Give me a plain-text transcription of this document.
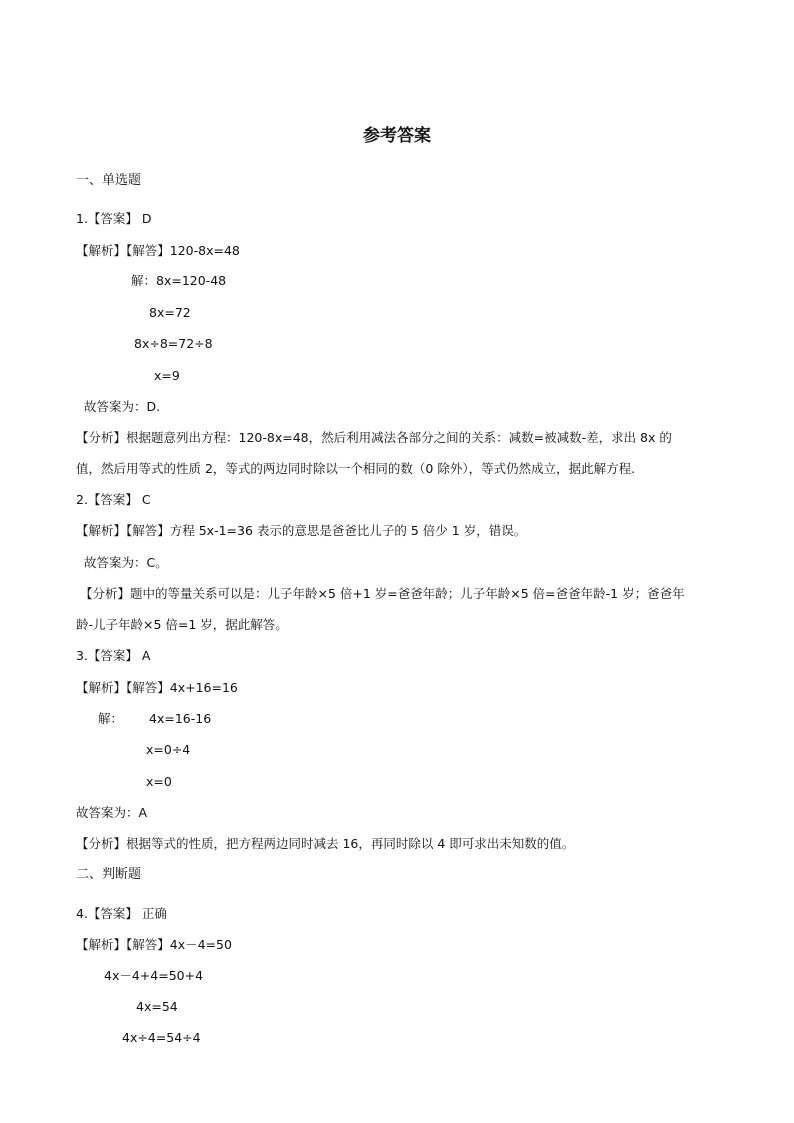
参考答案
一、单选题
1.【答案】 D
【解析】【解答】120-8x=48
解：8x=120-48
8x=72
8x÷8=72÷8
x=9
故答案为：D.
【分析】根据题意列出方程：120-8x=48，然后利用减法各部分之间的关系：减数=被减数-差，求出 8x 的
值，然后用等式的性质 2，等式的两边同时除以一个相同的数（0 除外），等式仍然成立，据此解方程.
2.【答案】 C
【解析】【解答】方程 5x-1=36 表示的意思是爸爸比儿子的 5 倍少 1 岁，错误。
故答案为：C。
【分析】题中的等量关系可以是：儿子年龄×5 倍+1 岁=爸爸年龄；儿子年龄×5 倍=爸爸年龄-1 岁；爸爸年
龄-儿子年龄×5 倍=1 岁，据此解答。
3.【答案】 A
【解析】【解答】4x+16=16
解： 4x=16-16
x=0÷4
x=0
故答案为：A
【分析】根据等式的性质，把方程两边同时减去 16，再同时除以 4 即可求出未知数的值。
二、判断题
4.【答案】 正确
【解析】【解答】4x－4=50
4x－4+4=50+4
4x=54
4x÷4=54÷4
